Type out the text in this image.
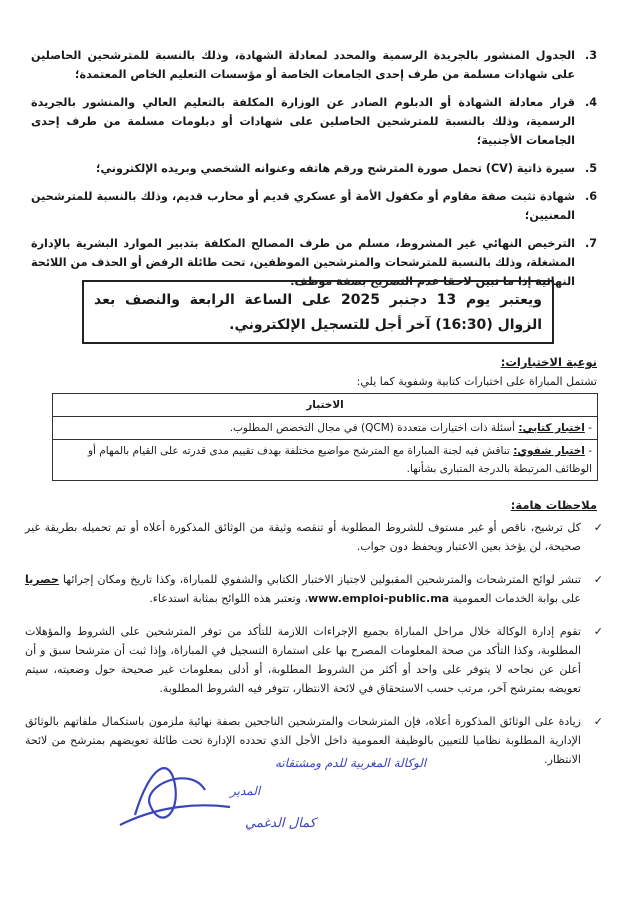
3.
الجدول المنشور بالجريدة الرسمية والمحدد لمعادلة الشهادة، وذلك بالنسبة للمترشحين الحاصلين على شهادات مسلمة من طرف إحدى الجامعات الخاصة أو مؤسسات التعليم الخاص المعتمدة؛
4.
قرار معادلة الشهادة أو الدبلوم الصادر عن الوزارة المكلفة بالتعليم العالي والمنشور بالجريدة الرسمية، وذلك بالنسبة للمترشحين الحاصلين على شهادات أو دبلومات مسلمة من طرف إحدى الجامعات الأجنبية؛
5.
سيرة ذاتية (CV) تحمل صورة المترشح ورقم هاتفه وعنوانه الشخصي وبريده الإلكتروني؛
6.
شهادة تثبت صفة مقاوم أو مكفول الأمة أو عسكري قديم أو محارب قديم، وذلك بالنسبة للمترشحين المعنيين؛
7.
الترخيص النهائي غير المشروط، مسلم من طرف المصالح المكلفة بتدبير الموارد البشرية بالإدارة المشغلة، وذلك بالنسبة للمترشحات والمترشحين الموظفين، تحت طائلة الرفض أو الحذف من اللائحة النهائية إذا ما تبين لاحقا عدم التصريح بصفة موظف.
ويعتبر يوم 13 دجنبر 2025 على الساعة الرابعة والنصف بعد الزوال (16:30) آخر أجل للتسجيل الإلكتروني.
نوعية الاختبارات:
تشتمل المباراة على اختبارات كتابية وشفوية كما يلي:
الاختبار
- اختبار كتابي: أسئلة ذات اختيارات متعددة (QCM) في مجال التخصص المطلوب.
- اختبار شفوي: تناقش فيه لجنة المباراة مع المترشح مواضيع مختلفة بهدف تقييم مدى قدرته على القيام بالمهام أو الوظائف المرتبطة بالدرجة المتبارى بشأنها.
ملاحظات هامة:
✓
كل ترشيح، ناقص أو غير مستوف للشروط المطلوبة أو تنقصه وثيقة من الوثائق المذكورة أعلاه أو تم تحميله بطريقة غير صحيحة، لن يؤخذ بعين الاعتبار ويحفظ دون جواب.
✓
تنشر لوائح المترشحات والمترشحين المقبولين لاجتياز الاختبار الكتابي والشفوي للمباراة، وكذا تاريخ ومكان إجرائها حصريا على بوابة الخدمات العمومية www.emploi-public.ma، وتعتبر هذه اللوائح بمثابة استدعاء.
✓
تقوم إدارة الوكالة خلال مراحل المباراة بجميع الإجراءات اللازمة للتأكد من توفر المترشحين على الشروط والمؤهلات المطلوبة، وكذا التأكد من صحة المعلومات المصرح بها على استمارة التسجيل في المباراة، وإذا ثبت أن مترشحا سبق و أن أعلن عن نجاحه لا يتوفر على واحد أو أكثر من الشروط المطلوبة، أو أدلى بمعلومات غير صحيحة حول وضعيته، سيتم تعويضه بمترشح آخر، مرتب حسب الاستحقاق في لائحة الانتظار، تتوفر فيه الشروط المطلوبة.
✓
زيادة على الوثائق المذكورة أعلاه، فإن المترشحات والمترشحين الناجحين بصفة نهائية ملزمون باستكمال ملفاتهم بالوثائق الإدارية المطلوبة نظاميا للتعيين بالوظيفة العمومية داخل الأجل الذي تحدده الإدارة تحت طائلة تعويضهم بمترشح من لائحة الانتظار.
الوكالة المغربية للدم ومشتقاته
المدير
كمال الدغمي
